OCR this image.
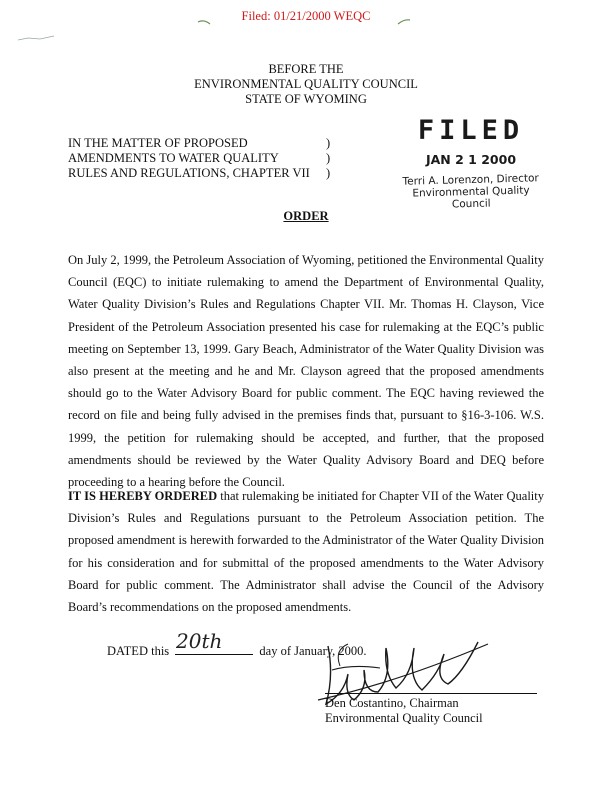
Filed: 01/21/2000 WEQC
BEFORE THE
ENVIRONMENTAL QUALITY COUNCIL
STATE OF WYOMING
IN THE MATTER OF PROPOSED	)
AMENDMENTS TO WATER QUALITY	)
RULES AND REGULATIONS, CHAPTER VII	)
FILED
JAN 2 1 2000
Terri A. Lorenzon, Director
Environmental Quality Council
ORDER
On July 2, 1999, the Petroleum Association of Wyoming, petitioned the Environmental Quality Council (EQC) to initiate rulemaking to amend the Department of Environmental Quality, Water Quality Division’s Rules and Regulations Chapter VII. Mr. Thomas H. Clayson, Vice President of the Petroleum Association presented his case for rulemaking at the EQC’s public meeting on September 13, 1999. Gary Beach, Administrator of the Water Quality Division was also present at the meeting and he and Mr. Clayson agreed that the proposed amendments should go to the Water Advisory Board for public comment. The EQC having reviewed the record on file and being fully advised in the premises finds that, pursuant to §16-3-106. W.S. 1999, the petition for rulemaking should be accepted, and further, that the proposed amendments should be reviewed by the Water Quality Advisory Board and DEQ before proceeding to a hearing before the Council.
IT IS HEREBY ORDERED that rulemaking be initiated for Chapter VII of the Water Quality Division’s Rules and Regulations pursuant to the Petroleum Association petition. The proposed amendment is herewith forwarded to the Administrator of the Water Quality Division for his consideration and for submittal of the proposed amendments to the Water Advisory Board for public comment. The Administrator shall advise the Council of the Advisory Board’s recommendations on the proposed amendments.
DATED this	day of January, 2000.
20th
Den Costantino, Chairman
Environmental Quality Council
